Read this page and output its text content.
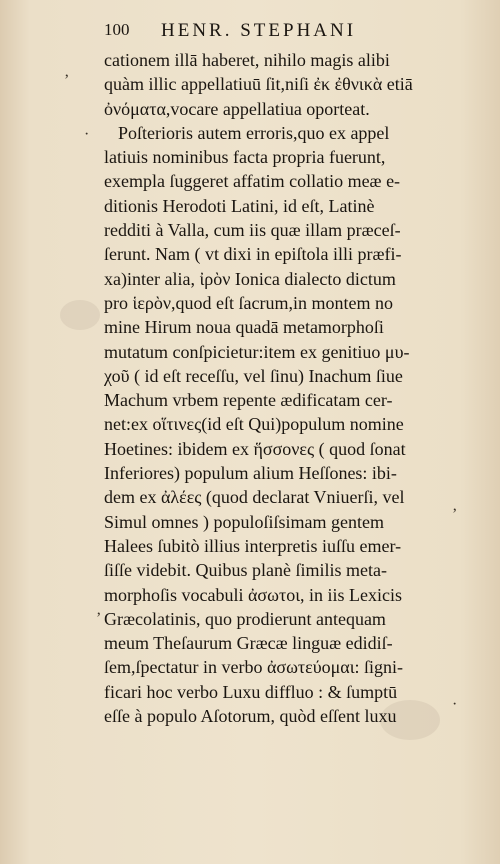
100 HENR. STEPHANI
ʼ
·
ʼ
·
ʼ
cationem illā haberet, nihilo magis alibi
quàm illic appellatiuū ſit,niſi ἐκ ἐθνικὰ etiā
ὀνόματα,vocare appellatiua oporteat.
Poſterioris autem erroris,quo ex appel
latiuis nominibus facta propria fuerunt,
exempla ſuggeret affatim collatio meæ e-
ditionis Herodoti Latini, id eſt, Latinè
redditi à Valla, cum iis quæ illam præceſ-
ſerunt. Nam ( vt dixi in epiſtola illi præfi-
xa)inter alia, ἰρὸν Ionica dialecto dictum
pro ἱερὸν,quod eſt ſacrum,in montem no
mine Hirum noua quadā metamorphoſi
mutatum conſpicietur:item ex genitiuo μυ-
χοῦ ( id eſt receſſu, vel ſinu) Inachum ſiue
Machum vrbem repente ædificatam cer-
net:ex οἵτινες(id eſt Qui)populum nomine
Hoetines: ibidem ex ἥσσονες ( quod ſonat
Inferiores) populum alium Heſſones: ibi-
dem ex ἀλέες (quod declarat Vniuerſi, vel
Simul omnes ) populoſiſsimam gentem
Halees ſubitò illius interpretis iuſſu emer-
ſiſſe videbit. Quibus planè ſimilis meta-
morphoſis vocabuli ἀσωτοι, in iis Lexicis
Græcolatinis, quo prodierunt antequam
meum Theſaurum Græcæ linguæ edidiſ-
ſem,ſpectatur in verbo ἀσωτεύομαι: ſigni-
ficari hoc verbo Luxu diffluo : & ſumptū
eſſe à populo Aſotorum, quòd eſſent luxu
